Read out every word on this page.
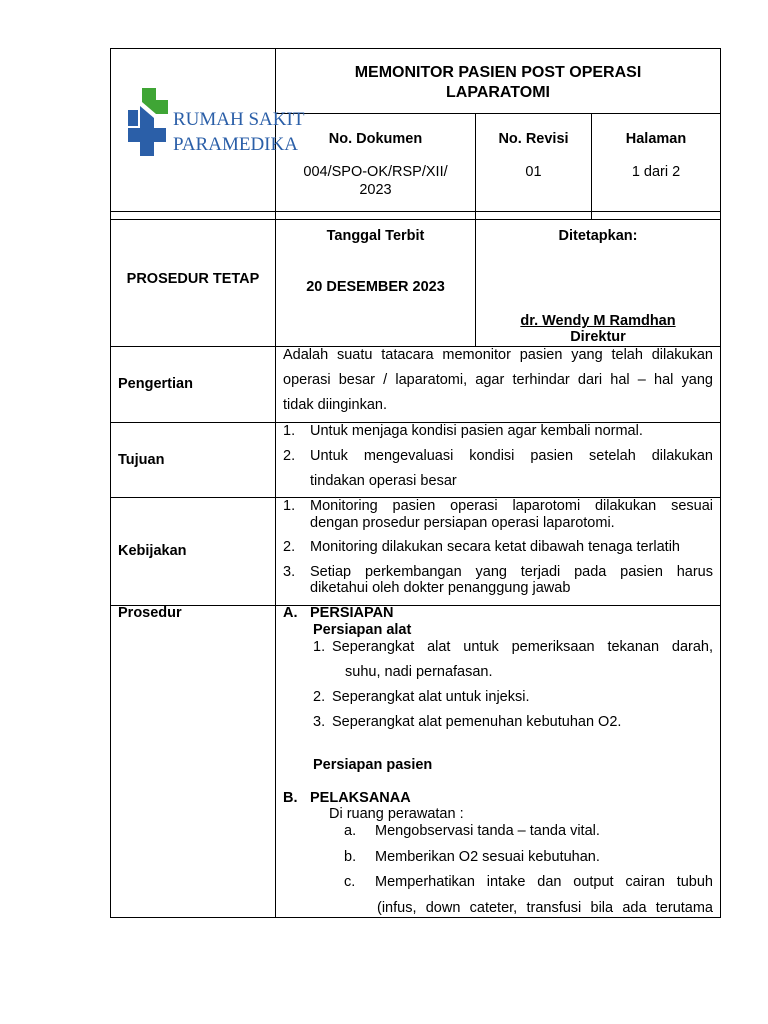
RUMAH SAKIT
PARAMEDIKA
MEMONITOR PASIEN POST OPERASI
LAPARATOMI
No. Dokumen
004/SPO-OK/RSP/XII/
2023
No. Revisi
01
Halaman
1 dari 2
PROSEDUR TETAP
Tanggal Terbit
20 DESEMBER 2023
Ditetapkan:
dr. Wendy M Ramdhan
Direktur
Pengertian
Adalah suatu tatacara memonitor pasien yang telah dilakukan
operasi besar / laparatomi, agar terhindar dari hal – hal yang
tidak diinginkan.
Tujuan
1. Untuk menjaga kondisi pasien agar kembali normal.
2. Untuk mengevaluasi kondisi pasien setelah dilakukan
tindakan operasi besar
Kebijakan
1. Monitoring pasien operasi laparotomi dilakukan sesuai
dengan prosedur persiapan operasi laparotomi.
2. Monitoring dilakukan secara ketat dibawah tenaga terlatih
3. Setiap perkembangan yang terjadi pada pasien harus
diketahui oleh dokter penanggung jawab
Prosedur	A. PERSIAPAN
Persiapan alat
1. Seperangkat alat untuk pemeriksaan tekanan darah,
suhu, nadi pernafasan.
2. Seperangkat alat untuk injeksi.
3. Seperangkat alat pemenuhan kebutuhan O2.
Persiapan pasien
B. PELAKSANAA
Di ruang perawatan :
a. Mengobservasi tanda – tanda vital.
b. Memberikan O2 sesuai kebutuhan.
c. Memperhatikan intake dan output cairan tubuh
(infus, down cateter, transfusi bila ada terutama
